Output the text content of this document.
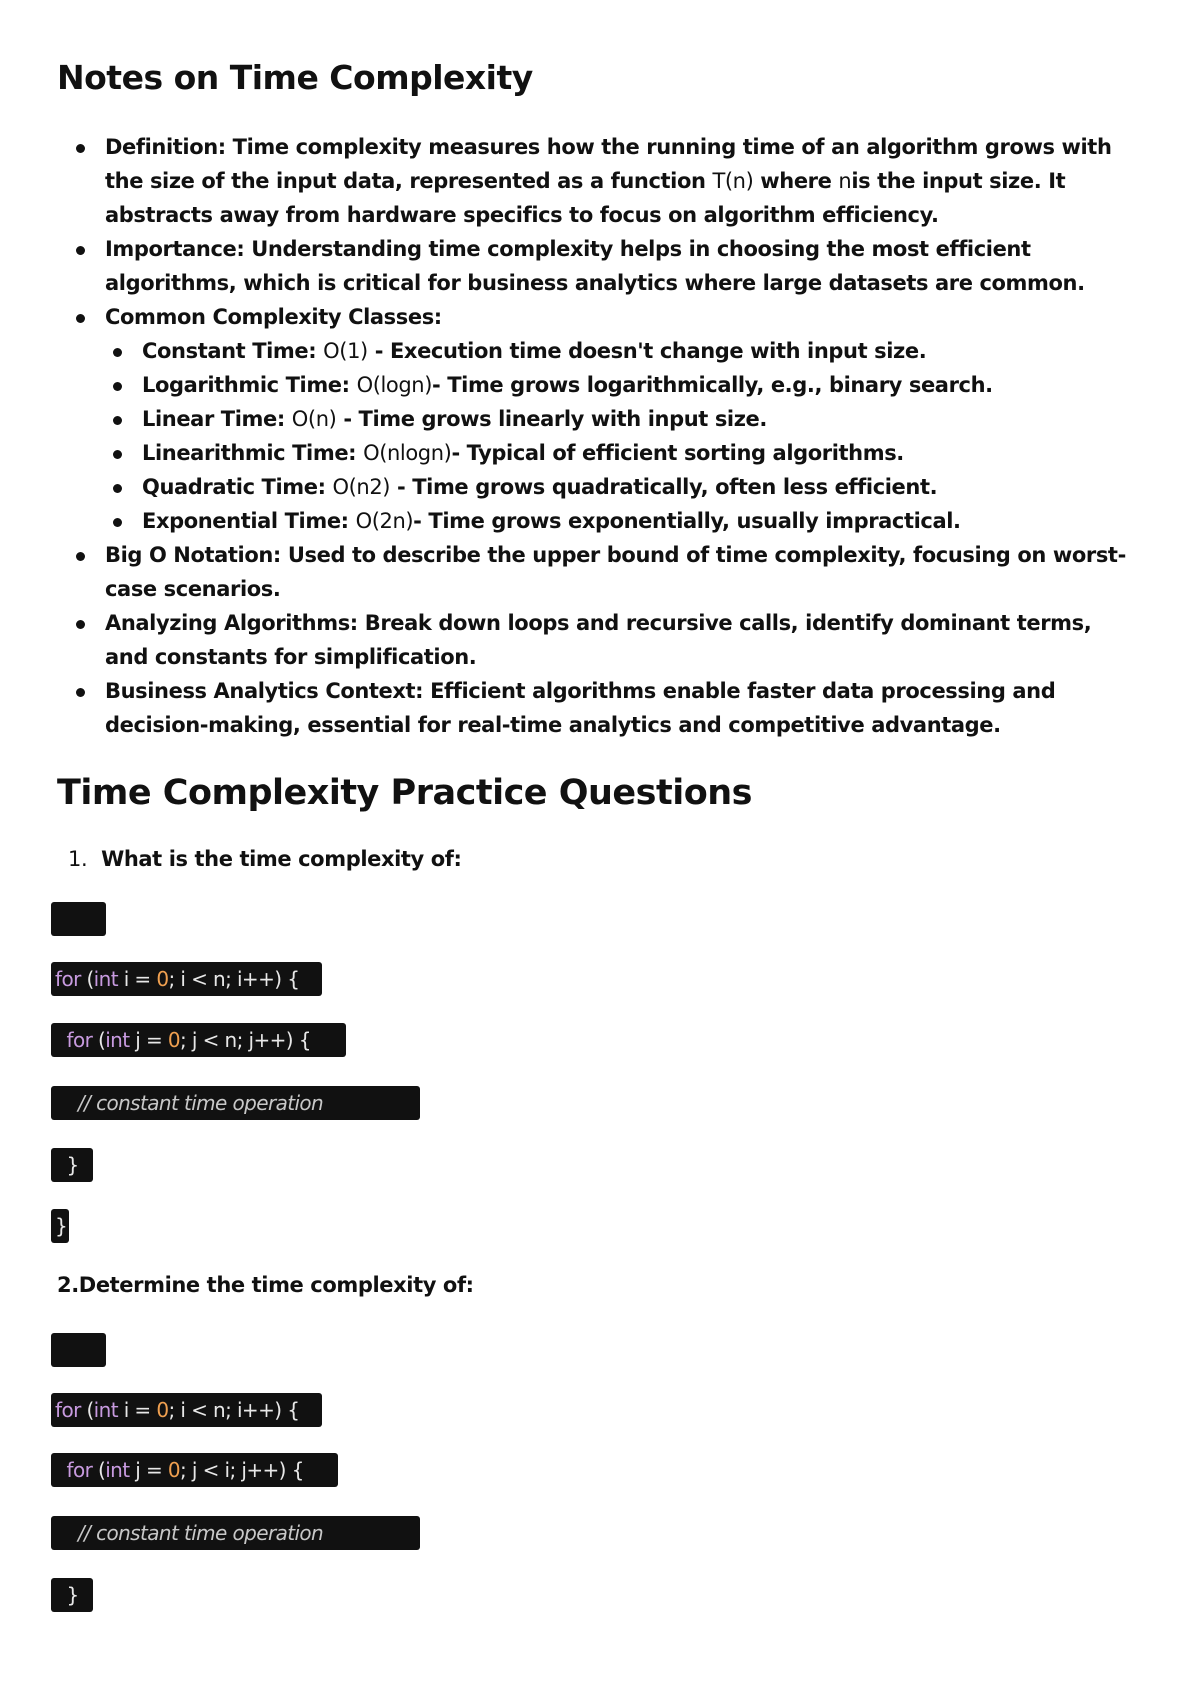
Notes on Time Complexity
Definition: Time complexity measures how the running time of an algorithm grows with the size of the input data, represented as a function T(n) where nis the input size. It abstracts away from hardware specifics to focus on algorithm efficiency.
Importance: Understanding time complexity helps in choosing the most efficient algorithms, which is critical for business analytics where large datasets are common.
Common Complexity Classes:
Constant Time: O(1) - Execution time doesn't change with input size.
Logarithmic Time: O(logn)- Time grows logarithmically, e.g., binary search.
Linear Time: O(n) - Time grows linearly with input size.
Linearithmic Time: O(nlogn)- Typical of efficient sorting algorithms.
Quadratic Time: O(n2) - Time grows quadratically, often less efficient.
Exponential Time: O(2n)- Time grows exponentially, usually impractical.
Big O Notation: Used to describe the upper bound of time complexity, focusing on worst-case scenarios.
Analyzing Algorithms: Break down loops and recursive calls, identify dominant terms, and constants for simplification.
Business Analytics Context: Efficient algorithms enable faster data processing and decision-making, essential for real-time analytics and competitive advantage.
Time Complexity Practice Questions

1. What is the time complexity of:

for (int i = 0; i < n; i++) {
for (int j = 0; j < n; j++) {
// constant time operation
}
}

2.Determine the time complexity of:

for (int i = 0; i < n; i++) {
for (int j = 0; j < i; j++) {
// constant time operation
}
